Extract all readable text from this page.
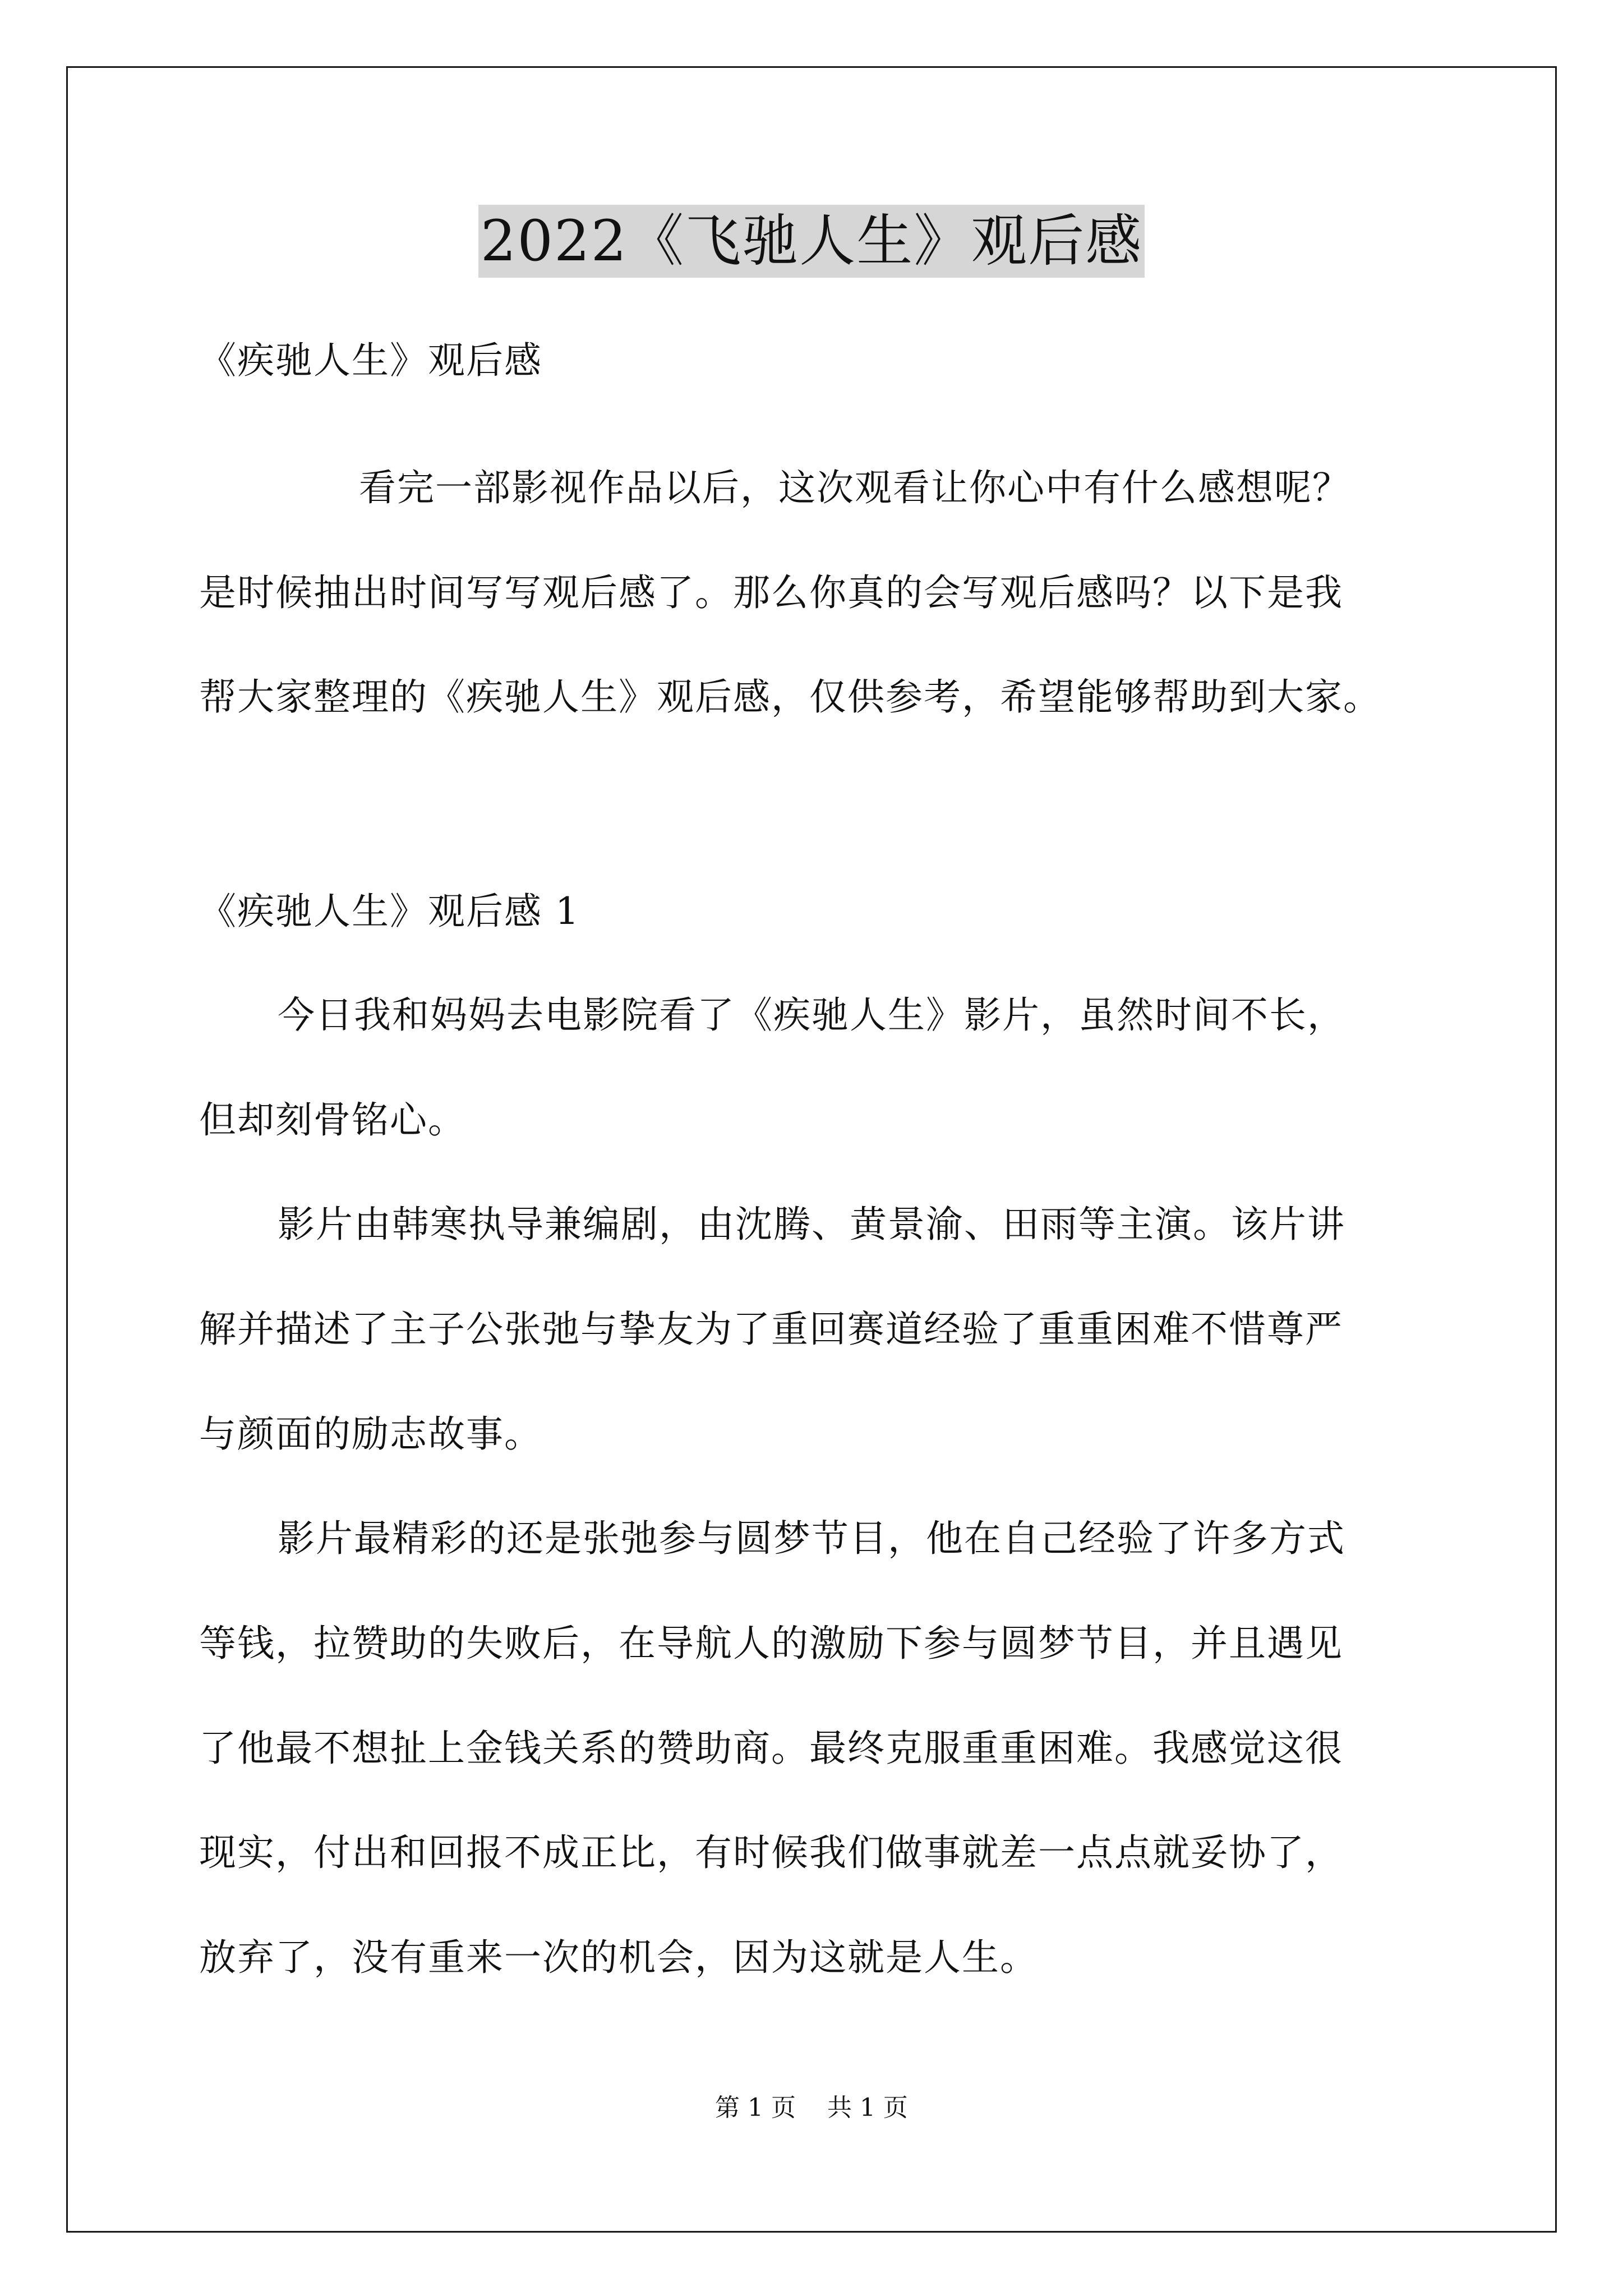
2022《飞驰人生》观后感
《疾驰人生》观后感
看完一部影视作品以后，这次观看让你心中有什么感想呢？
是时候抽出时间写写观后感了。那么你真的会写观后感吗？以下是我
帮大家整理的《疾驰人生》观后感，仅供参考，希望能够帮助到大家。
《疾驰人生》观后感 1
今日我和妈妈去电影院看了《疾驰人生》影片，虽然时间不长，
但却刻骨铭心。
影片由韩寒执导兼编剧，由沈腾、黄景渝、田雨等主演。该片讲
解并描述了主子公张弛与挚友为了重回赛道经验了重重困难不惜尊严
与颜面的励志故事。
影片最精彩的还是张弛参与圆梦节目，他在自己经验了许多方式
等钱，拉赞助的失败后，在导航人的激励下参与圆梦节目，并且遇见
了他最不想扯上金钱关系的赞助商。最终克服重重困难。我感觉这很
现实，付出和回报不成正比，有时候我们做事就差一点点就妥协了，
放弃了，没有重来一次的机会，因为这就是人生。
第 1 页    共 1 页
